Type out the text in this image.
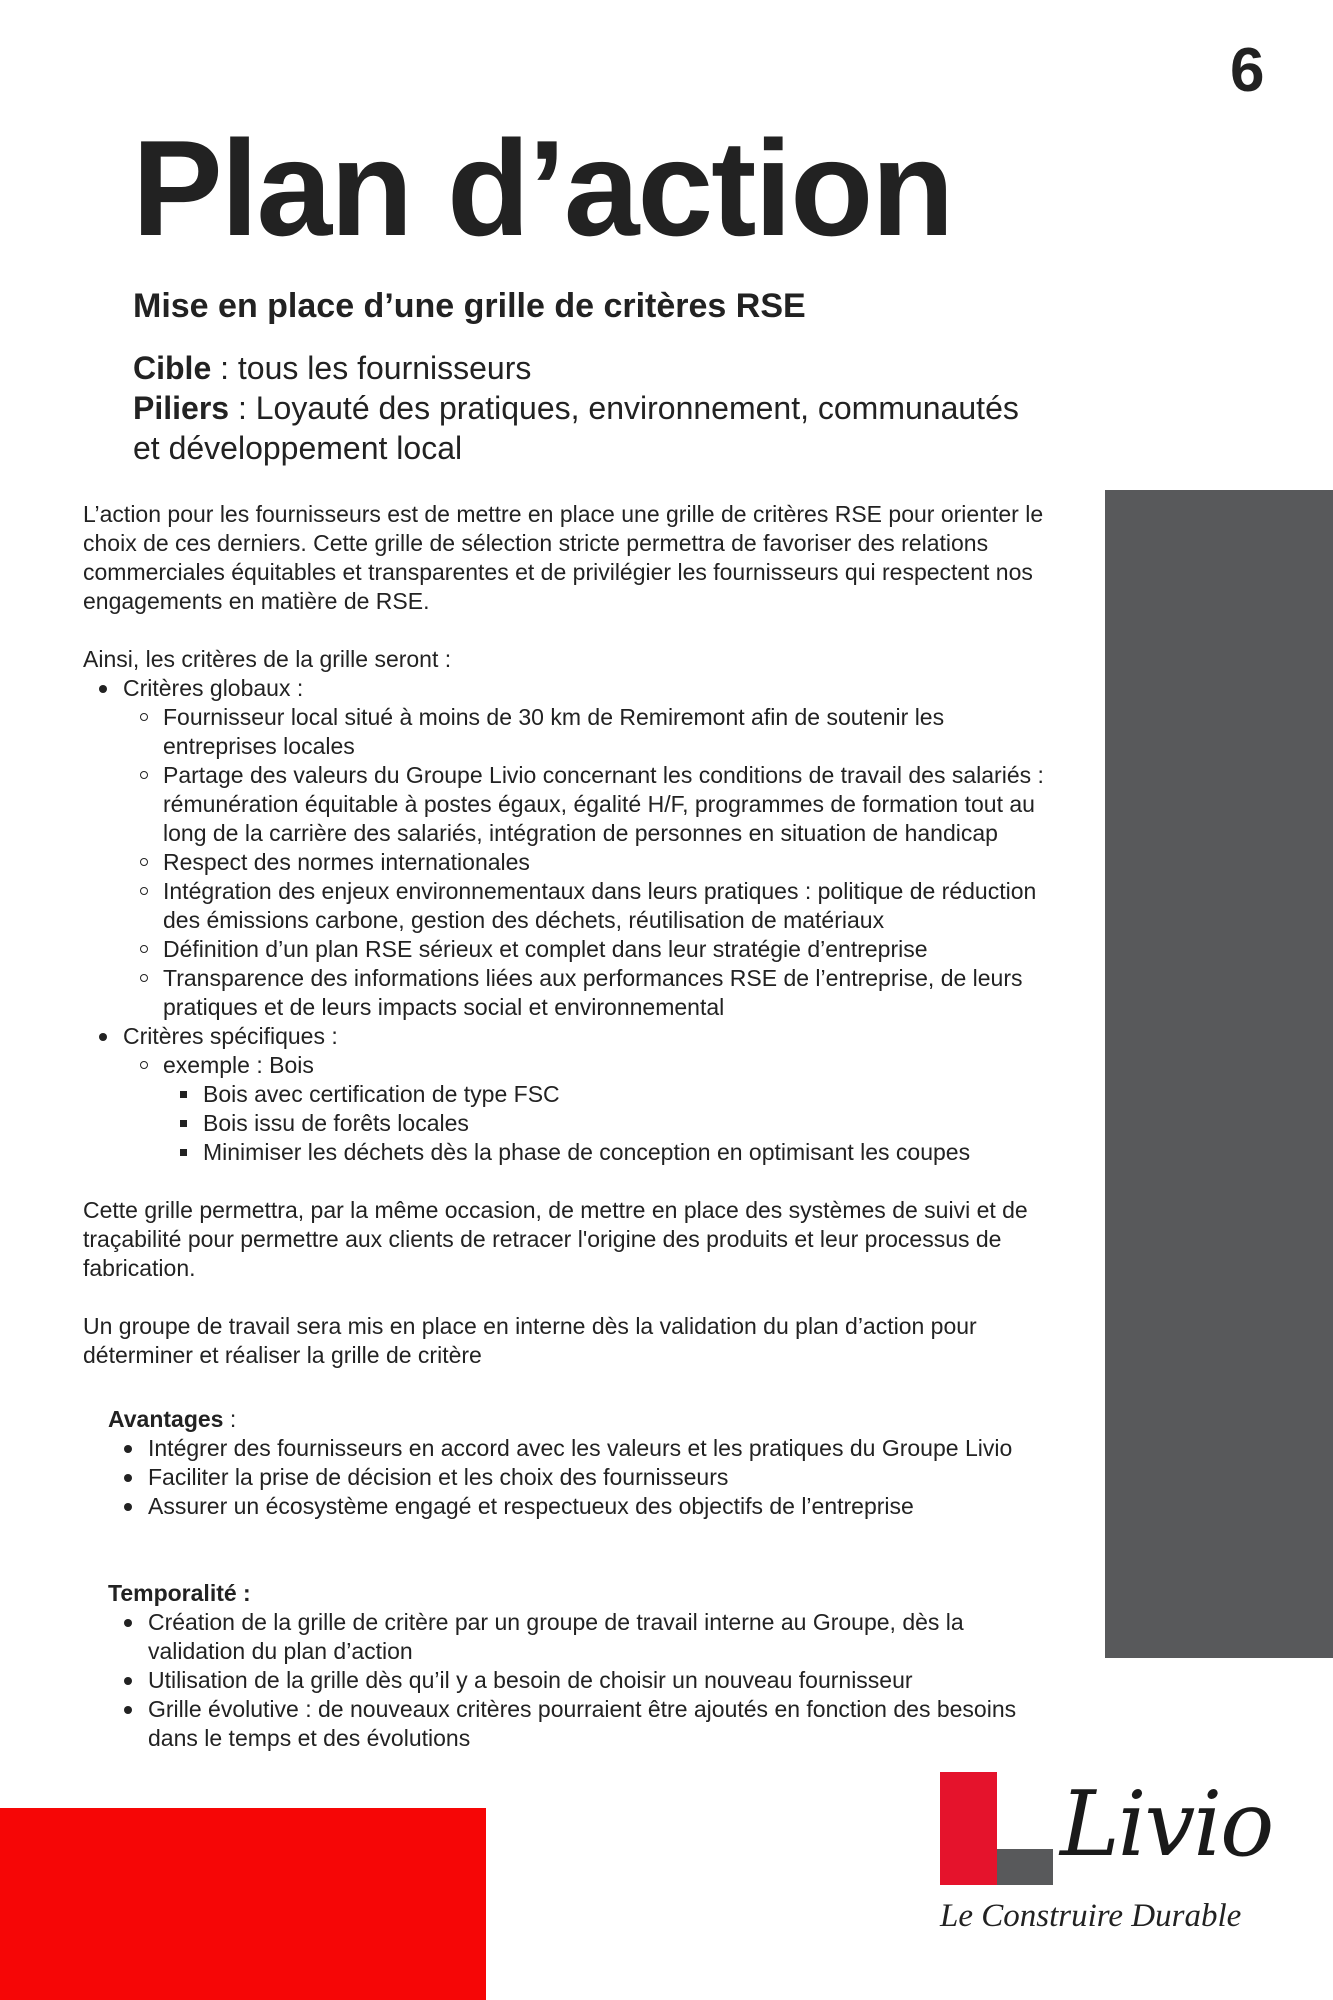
6
Plan d’action
Mise en place d’une grille de critères RSE
Cible : tous les fournisseurs
Piliers : Loyauté des pratiques, environnement, communautés et développement local

L’action pour les fournisseurs est de mettre en place une grille de critères RSE pour orienter le choix de ces derniers. Cette grille de sélection stricte permettra de favoriser des relations commerciales équitables et transparentes et de privilégier les fournisseurs qui respectent nos engagements en matière de RSE.

Ainsi, les critères de la grille seront :

Critères globaux :
Fournisseur local situé à moins de 30 km de Remiremont afin de soutenir les entreprises locales
Partage des valeurs du Groupe Livio concernant les conditions de travail des salariés : rémunération équitable à postes égaux, égalité H/F, programmes de formation tout au long de la carrière des salariés, intégration de personnes en situation de handicap
Respect des normes internationales
Intégration des enjeux environnementaux dans leurs pratiques : politique de réduction des émissions carbone, gestion des déchets, réutilisation de matériaux
Définition d’un plan RSE sérieux et complet dans leur stratégie d’entreprise
Transparence des informations liées aux performances RSE de l’entreprise, de leurs pratiques et de leurs impacts social et environnemental
Critères spécifiques :
exemple : Bois
Bois avec certification de type FSC
Bois issu de forêts locales
Minimiser les déchets dès la phase de conception en optimisant les coupes

Cette grille permettra, par la même occasion, de mettre en place des systèmes de suivi et de traçabilité pour permettre aux clients de retracer l'origine des produits et leur processus de fabrication.

Un groupe de travail sera mis en place en interne dès la validation du plan d’action pour déterminer et réaliser la grille de critère

Avantages :
Intégrer des fournisseurs en accord avec les valeurs et les pratiques du Groupe Livio
Faciliter la prise de décision et les choix des fournisseurs
Assurer un écosystème engagé et respectueux des objectifs de l’entreprise
Temporalité :
Création de la grille de critère par un groupe de travail interne au Groupe, dès la validation du plan d’action
Utilisation de la grille dès qu’il y a besoin de choisir un nouveau fournisseur
Grille évolutive : de nouveaux critères pourraient être ajoutés en fonction des besoins dans le temps et des évolutions
Livio
Le Construire Durable
